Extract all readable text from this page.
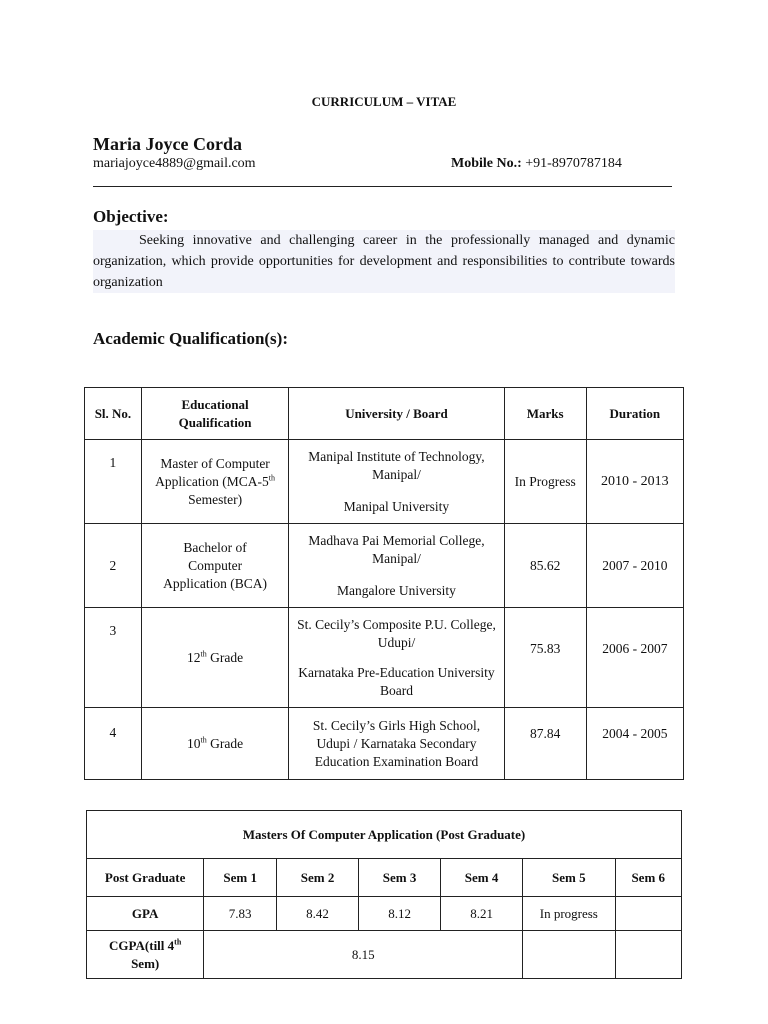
CURRICULUM – VITAE
Maria Joyce Corda
mariajoyce4889@gmail.com	Mobile No.: +91-8970787184
Objective:
Seeking innovative and challenging career in the professionally managed and dynamic organization, which provide opportunities for development and responsibilities to contribute towards organization
Academic Qualification(s):
Sl. No.	Educational Qualification	University / Board	Marks	Duration
1	Master of Computer Application (MCA-5th
Semester)	Manipal Institute of Technology, Manipal/
Manipal University	In Progress	2010 - 2013
2	Bachelor of Computer Application (BCA)	Madhava Pai Memorial College, Manipal/
Mangalore University	85.62	2007 - 2010
3	12th Grade	St. Cecily’s Composite P.U. College, Udupi/
Karnataka Pre-Education University Board	75.83	2006 - 2007
4	10th Grade	St. Cecily’s Girls High School, Udupi / Karnataka Secondary Education Examination Board	87.84	2004 - 2005
Masters Of Computer Application (Post Graduate)						
Post Graduate	Sem 1	Sem 2	Sem 3	Sem 4	Sem 5	Sem 6
GPA	7.83	8.42	8.12	8.21	In progress	
CGPA(till 4th
Sem)	8.15					
